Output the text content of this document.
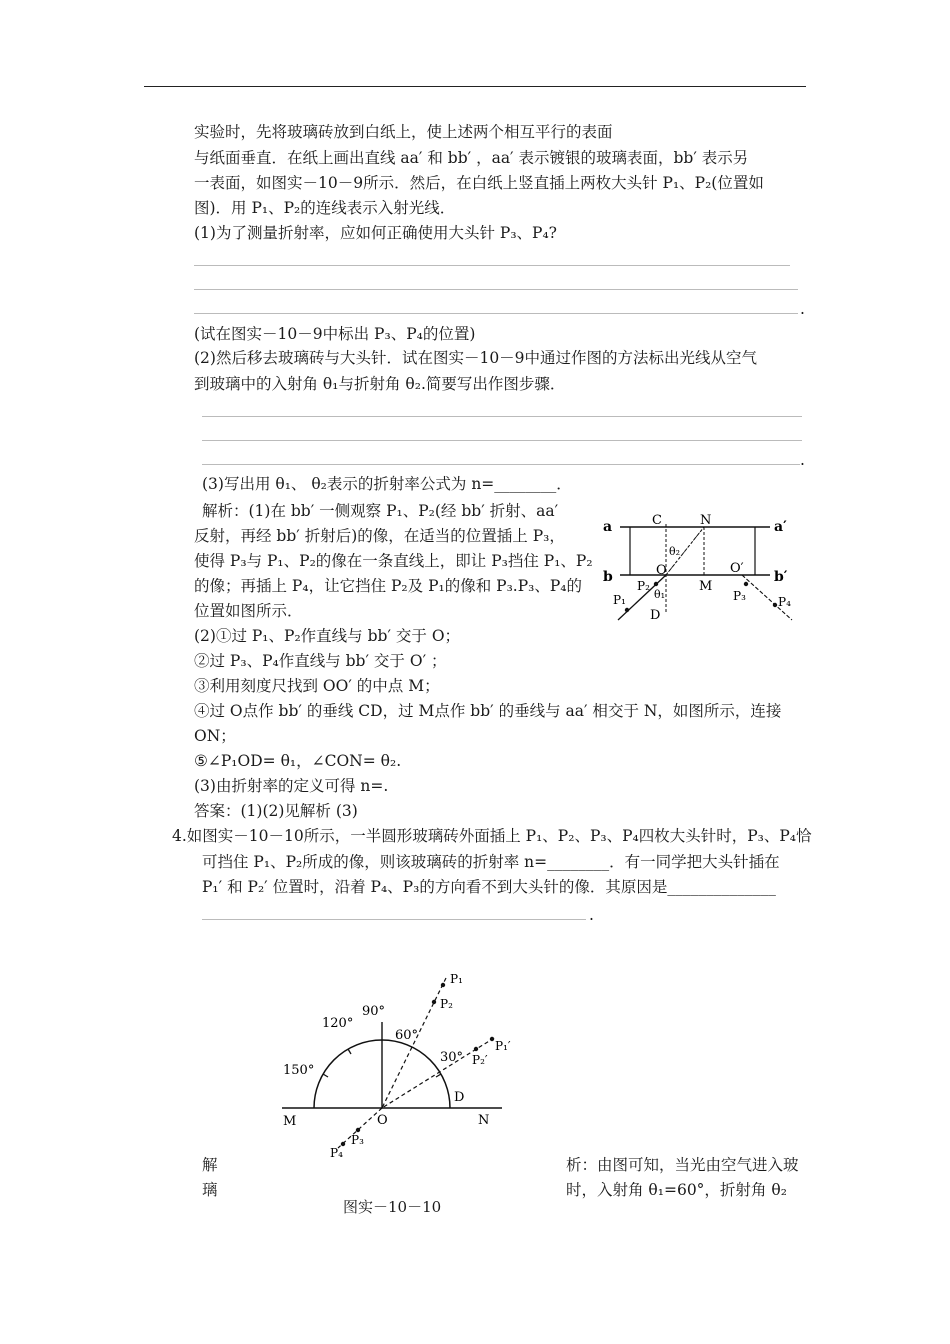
实验时，先将玻璃砖放到白纸上，使上述两个相互平行的表面
与纸面垂直．在纸上画出直线 aa′ 和 bb′ ，aa′ 表示镀银的玻璃表面，bb′ 表示另
一表面，如图实－10－9所示．然后，在白纸上竖直插上两枚大头针 P₁、P₂(位置如
图)．用 P₁、P₂的连线表示入射光线．
(1)为了测量折射率，应如何正确使用大头针 P₃、P₄?
(试在图实－10－9中标出 P₃、P₄的位置)
(2)然后移去玻璃砖与大头针．试在图实－10－9中通过作图的方法标出光线从空气
到玻璃中的入射角 θ₁与折射角 θ₂.简要写出作图步骤．
(3)写出用 θ₁、 θ₂表示的折射率公式为 n=________．
解析：(1)在 bb′ 一侧观察 P₁、P₂(经 bb′ 折射、aa′
反射，再经 bb′ 折射后)的像，在适当的位置插上 P₃，
使得 P₃与 P₁、P₂的像在一条直线上，即让 P₃挡住 P₁、P₂
的像；再插上 P₄，让它挡住 P₂及 P₁的像和 P₃.P₃、P₄的
位置如图所示．
(2)①过 P₁、P₂作直线与 bb′ 交于 O；
②过 P₃、P₄作直线与 bb′ 交于 O′ ；
③利用刻度尺找到 OO′ 的中点 M；
④过 O点作 bb′ 的垂线 CD，过 M点作 bb′ 的垂线与 aa′ 相交于 N，如图所示，连接
ON；
⑤∠P₁OD= θ₁，∠CON= θ₂.
(3)由折射率的定义可得 n=.
答案：(1)(2)见解析 (3)
4.如图实－10－10所示，一半圆形玻璃砖外面插上 P₁、P₂、P₃、P₄四枚大头针时，P₃、P₄恰
可挡住 P₁、P₂所成的像，则该玻璃砖的折射率 n=________．有一同学把大头针插在
P₁′ 和 P₂′ 位置时，沿着 P₄、P₃的方向看不到大头针的像．其原因是______________
解
璃
析：由图可知，当光由空气进入玻
时，入射角 θ₁=60°，折射角 θ₂
.
.
.
a	a′
b	b′
C	N
O	O′
M
D
θ₂
θ₁
P₁
P₂
P₃	P₄
120°
90°
60°
30°
150°
M	O	N
D
P₁
P₂
P₁′
P₂′
P₃
P₄
图实－10－10
